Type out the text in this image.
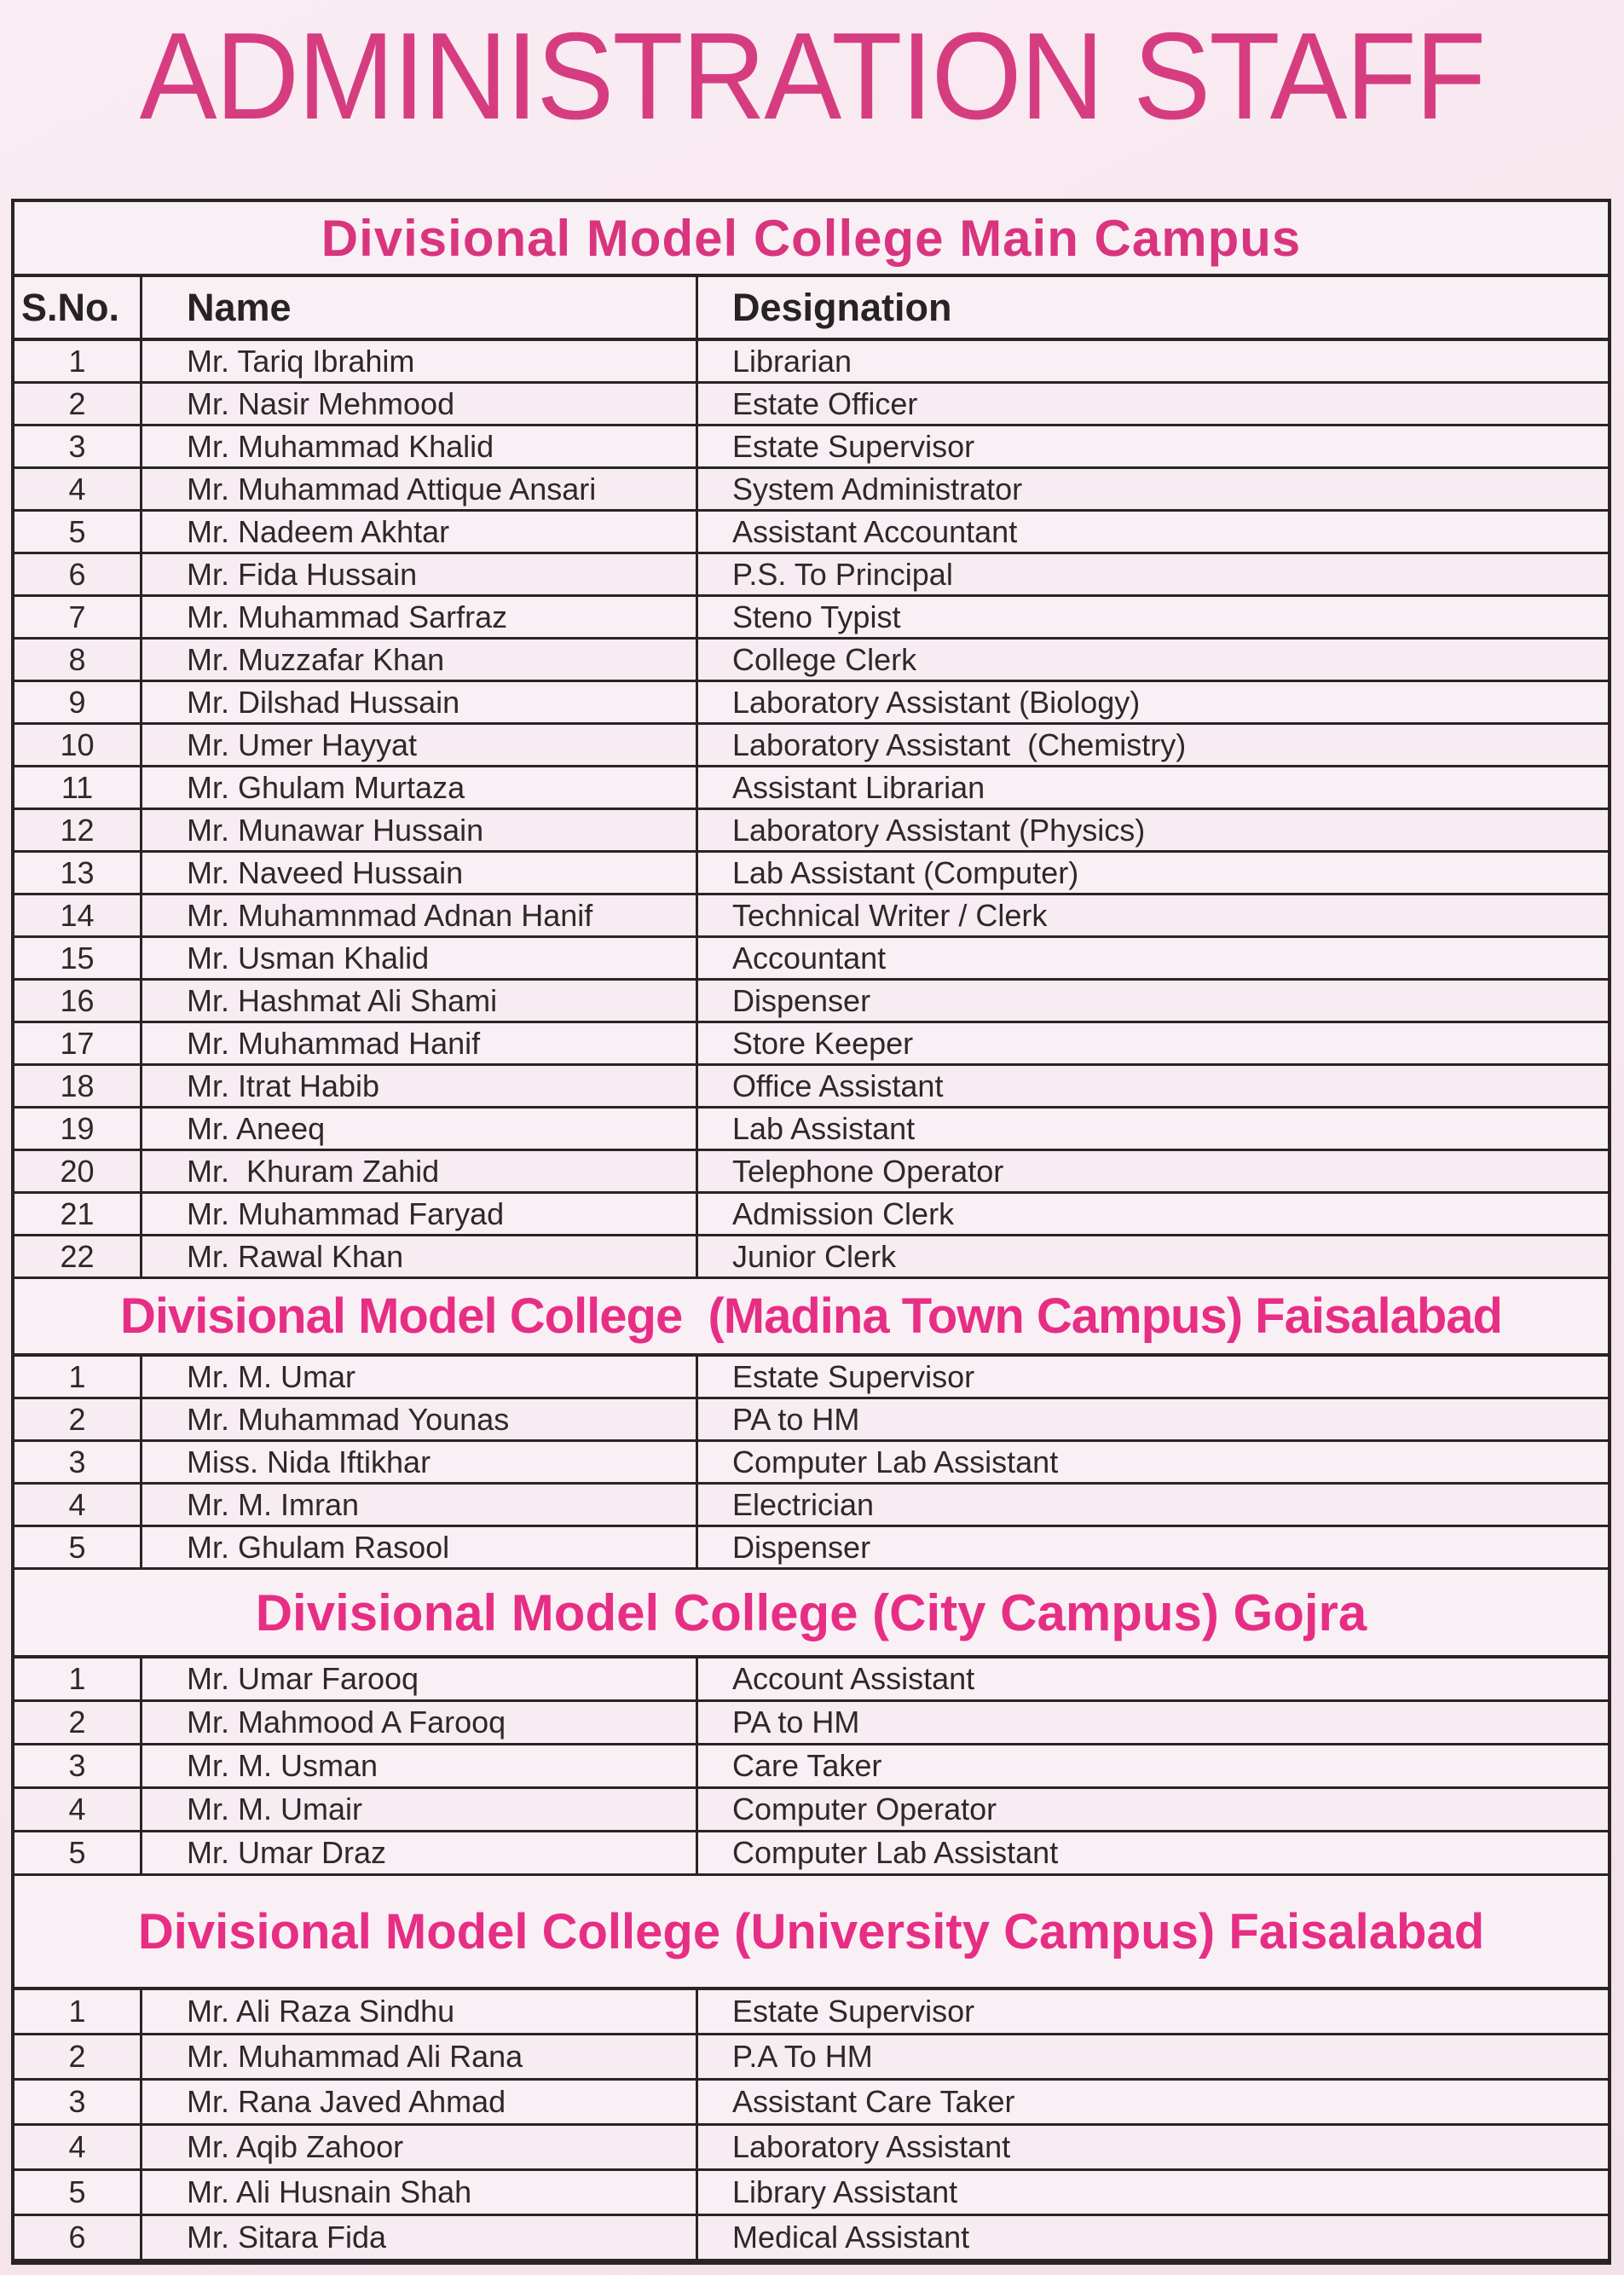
ADMINISTRATION STAFF
Divisional Model College Main Campus
S.No.	Name	Designation
1	Mr. Tariq Ibrahim	Librarian
2	Mr. Nasir Mehmood	Estate Officer
3	Mr. Muhammad Khalid	Estate Supervisor
4	Mr. Muhammad Attique Ansari	System Administrator
5	Mr. Nadeem Akhtar	Assistant Accountant
6	Mr. Fida Hussain	P.S. To Principal
7	Mr. Muhammad Sarfraz	Steno Typist
8	Mr. Muzzafar Khan	College Clerk
9	Mr. Dilshad Hussain	Laboratory Assistant (Biology)
10	Mr. Umer Hayyat	Laboratory Assistant  (Chemistry)
11	Mr. Ghulam Murtaza	Assistant Librarian
12	Mr. Munawar Hussain	Laboratory Assistant (Physics)
13	Mr. Naveed Hussain	Lab Assistant (Computer)
14	Mr. Muhamnmad Adnan Hanif	Technical Writer / Clerk
15	Mr. Usman Khalid	Accountant
16	Mr. Hashmat Ali Shami	Dispenser
17	Mr. Muhammad Hanif	Store Keeper
18	Mr. Itrat Habib	Office Assistant
19	Mr. Aneeq	Lab Assistant
20	Mr.  Khuram Zahid	Telephone Operator
21	Mr. Muhammad Faryad	Admission Clerk
22	Mr. Rawal Khan	Junior Clerk
Divisional Model College  (Madina Town Campus) Faisalabad
1	Mr. M. Umar	Estate Supervisor
2	Mr. Muhammad Younas	PA to HM
3	Miss. Nida Iftikhar	Computer Lab Assistant
4	Mr. M. Imran	Electrician
5	Mr. Ghulam Rasool	Dispenser
Divisional Model College (City Campus) Gojra
1	Mr. Umar Farooq	Account Assistant
2	Mr. Mahmood A Farooq	PA to HM
3	Mr. M. Usman	Care Taker
4	Mr. M. Umair	Computer Operator
5	Mr. Umar Draz	Computer Lab Assistant
Divisional Model College (University Campus) Faisalabad
1	Mr. Ali Raza Sindhu	Estate Supervisor
2	Mr. Muhammad Ali Rana	P.A To HM
3	Mr. Rana Javed Ahmad	Assistant Care Taker
4	Mr. Aqib Zahoor	Laboratory Assistant
5	Mr. Ali Husnain Shah	Library Assistant
6	Mr. Sitara Fida	Medical Assistant
